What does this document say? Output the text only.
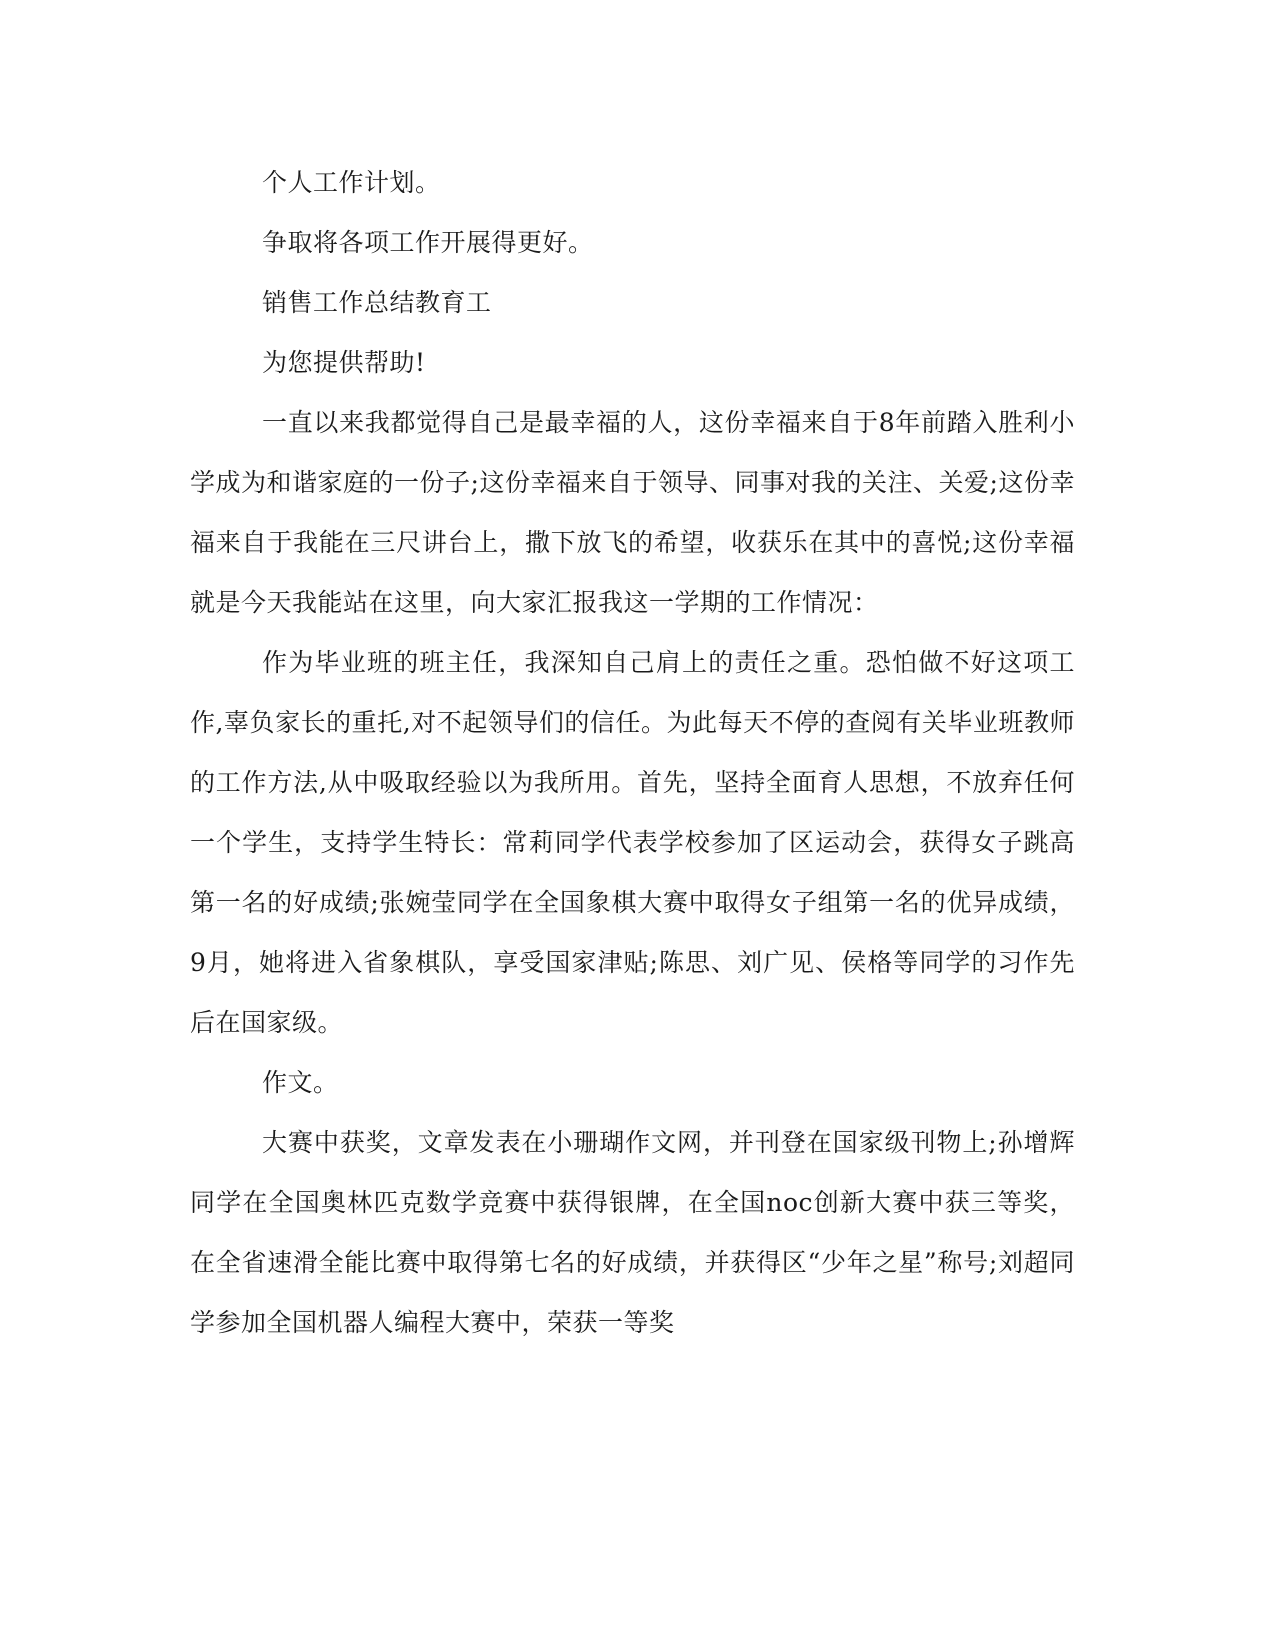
个人工作计划。

争取将各项工作开展得更好。

销售工作总结教育工

为您提供帮助!

一直以来我都觉得自己是最幸福的人，这份幸福来自于8年前踏入胜利小学成为和谐家庭的一份子;这份幸福来自于领导、同事对我的关注、关爱;这份幸福来自于我能在三尺讲台上，撒下放飞的希望，收获乐在其中的喜悦;这份幸福就是今天我能站在这里，向大家汇报我这一学期的工作情况：

作为毕业班的班主任，我深知自己肩上的责任之重。恐怕做不好这项工作,辜负家长的重托,对不起领导们的信任。为此每天不停的查阅有关毕业班教师的工作方法,从中吸取经验以为我所用。首先，坚持全面育人思想，不放弃任何一个学生，支持学生特长：常莉同学代表学校参加了区运动会，获得女子跳高第一名的好成绩;张婉莹同学在全国象棋大赛中取得女子组第一名的优异成绩，9月，她将进入省象棋队，享受国家津贴;陈思、刘广见、侯格等同学的习作先后在国家级。

作文。

大赛中获奖，文章发表在小珊瑚作文网，并刊登在国家级刊物上;孙增辉同学在全国奥林匹克数学竞赛中获得银牌，在全国noc创新大赛中获三等奖，在全省速滑全能比赛中取得第七名的好成绩，并获得区“少年之星”称号;刘超同学参加全国机器人编程大赛中，荣获一等奖
